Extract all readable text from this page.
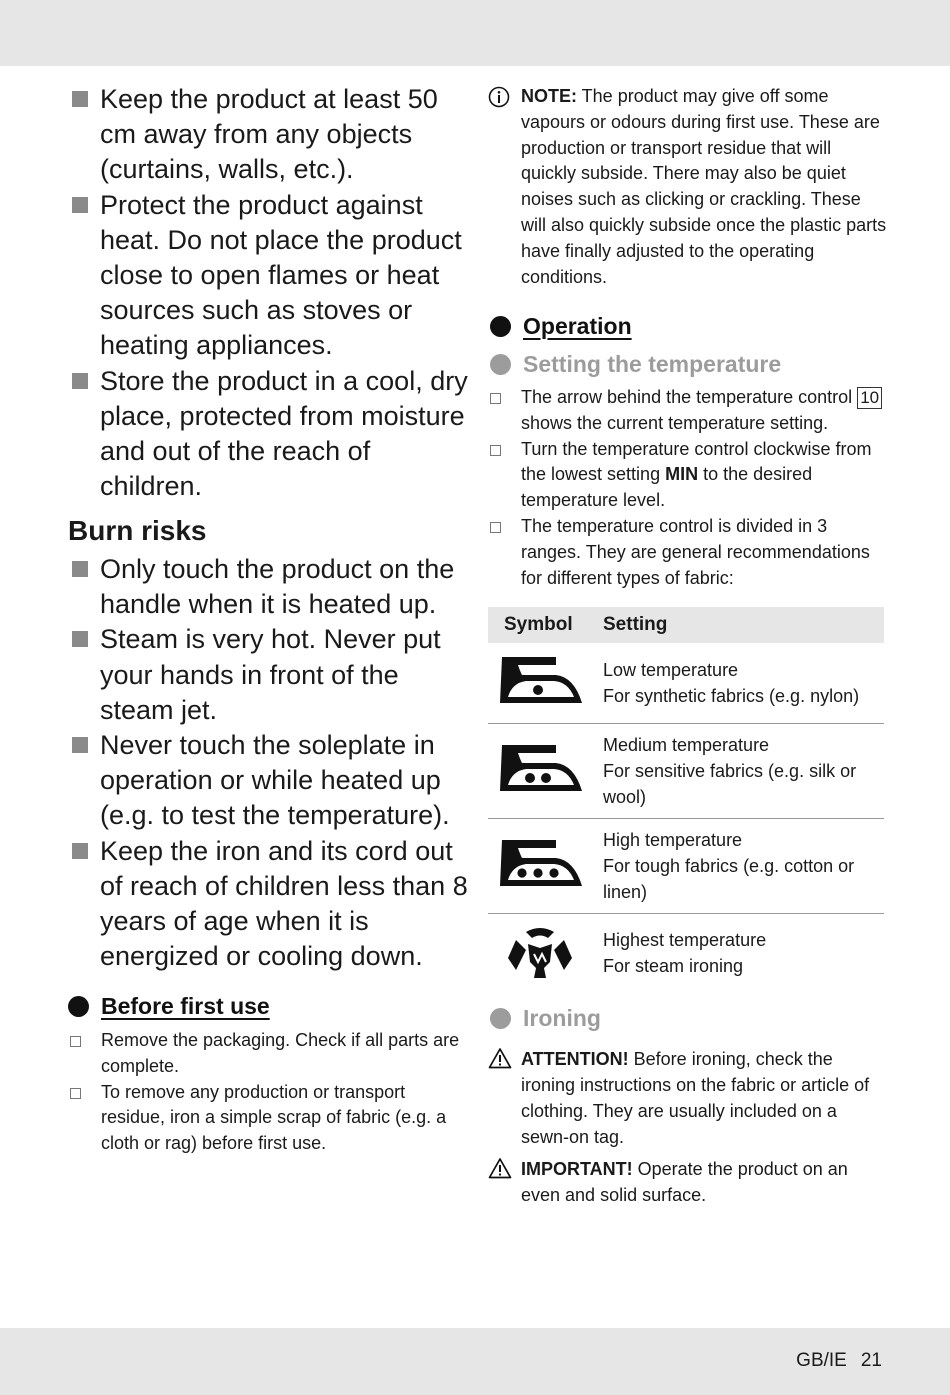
Keep the product at least 50 cm away from any objects (curtains, walls, etc.).
Protect the product against heat. Do not place the product close to open flames or heat sources such as stoves or heating appliances.
Store the product in a cool, dry place, protected from moisture and out of the reach of children.
Burn risks
Only touch the product on the handle when it is heated up.
Steam is very hot. Never put your hands in front of the steam jet.
Never touch the soleplate in operation or while heated up (e.g. to test the temperature).
Keep the iron and its cord out of reach of children less than 8 years of age when it is energized or cooling down.
Before first use
Remove the packaging. Check if all parts are complete.
To remove any production or transport residue, iron a simple scrap of fabric (e.g. a cloth or rag) before first use.
NOTE: The product may give off some vapours or odours during first use. These are production or transport residue that will quickly subside. There may also be quiet noises such as clicking or crackling. These will also quickly subside once the plastic parts have finally adjusted to the operating conditions.
Operation
Setting the temperature
The arrow behind the temperature control 10 shows the current temperature setting.
Turn the temperature control clockwise from the lowest setting MIN to the desired temperature level.
The temperature control is divided in 3 ranges. They are general recommendations for different types of fabric:
Symbol	Setting

Low temperature
For synthetic fabrics (e.g. nylon)

Medium temperature
For sensitive fabrics (e.g. silk or wool)

High temperature
For tough fabrics (e.g. cotton or linen)

Highest temperature
For steam ironing
Ironing
ATTENTION! Before ironing, check the ironing instructions on the fabric or article of clothing. They are usually included on a sewn-on tag.
IMPORTANT! Operate the product on an even and solid surface.
GB/IE 21
